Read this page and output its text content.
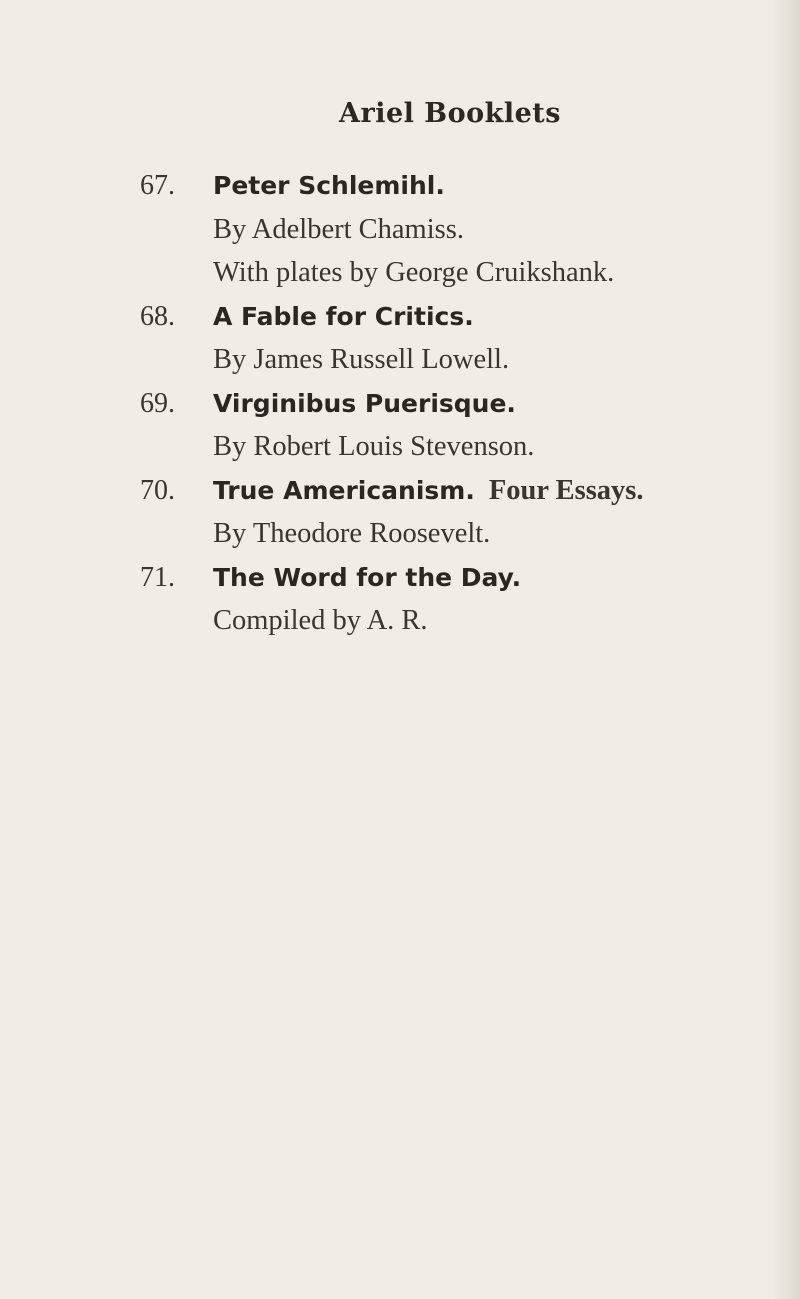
Ariel Booklets
67.	Peter Schlemihl.
By Adelbert Chamiss.
With plates by George Cruikshank.
68.	A Fable for Critics.
By James Russell Lowell.
69.	Virginibus Puerisque.
By Robert Louis Stevenson.
70.	True Americanism. Four Essays.
By Theodore Roosevelt.
71.	The Word for the Day.
Compiled by A. R.
